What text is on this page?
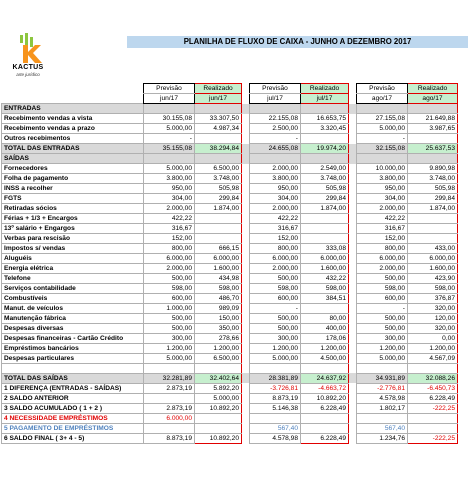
KACTUS
arte jurídico
PLANILHA DE FLUXO DE CAIXA - JUNHO A DEZEMBRO 2017
	Previsão	Realizado		Previsão	Realizado		Previsão	Realizado
	jun/17	jun/17		jul/17	jul/17		ago/17	ago/17
ENTRADAS								
Recebimento vendas a vista	30.155,08	33.307,50		22.155,08	16.653,75		27.155,08	21.649,88
Recebimento vendas a prazo	5.000,00	4.987,34		2.500,00	3.320,45		5.000,00	3.987,65
Outros recebimentos	-			-			-	
TOTAL DAS ENTRADAS	35.155,08	38.294,84		24.655,08	19.974,20		32.155,08	25.637,53
SAÍDAS								
Fornecedores	5.000,00	6.500,00		2.000,00	2.549,00		10.000,00	9.890,98
Folha de pagamento	3.800,00	3.748,00		3.800,00	3.748,00		3.800,00	3.748,00
INSS a recolher	950,00	505,98		950,00	505,98		950,00	505,98
FGTS	304,00	299,84		304,00	299,84		304,00	299,84
Retiradas sócios	2.000,00	1.874,00		2.000,00	1.874,00		2.000,00	1.874,00
Férias + 1/3 + Encargos	422,22			422,22			422,22	
13º salário + Engargos	316,67			316,67			316,67	
Verbas para rescisão	152,00			152,00			152,00	
Impostos s/ vendas	800,00	666,15		800,00	333,08		800,00	433,00
Aluguéis	6.000,00	6.000,00		6.000,00	6.000,00		6.000,00	6.000,00
Energia elétrica	2.000,00	1.600,00		2.000,00	1.600,00		2.000,00	1.600,00
Telefone	500,00	434,98		500,00	432,22		500,00	423,90
Serviços contabilidade	598,00	598,00		598,00	598,00		598,00	598,00
Combustíveis	600,00	486,70		600,00	384,51		600,00	376,87
Manut. de veículos	1.000,00	989,09		-			-	320,00
Manutenção fábrica	500,00	150,00		500,00	80,00		500,00	120,00
Despesas diversas	500,00	350,00		500,00	400,00		500,00	320,00
Despesas financeiras - Cartão Crédito	300,00	278,66		300,00	178,06		300,00	0,00
Empréstimos bancários	1.200,00	1.200,00		1.200,00	1.200,00		1.200,00	1.200,00
Despesas particulares	5.000,00	6.500,00		5.000,00	4.500,00		5.000,00	4.567,09

TOTAL DAS SAÍDAS	32.281,89	32.402,64		28.381,89	24.637,92		34.931,89	32.088,26
1 DIFERENÇA (ENTRADAS - SAÍDAS)	2.873,19	5.892,20		-3.726,81	-4.663,72		-2.776,81	-6.450,73
2 SALDO ANTERIOR		5.000,00		8.873,19	10.892,20		4.578,98	6.228,49
3 SALDO ACUMULADO ( 1 + 2 )	2.873,19	10.892,20		5.146,38	6.228,49		1.802,17	-222,25
4 NECESSIDADE EMPRÉSTIMOS	6.000,00							
5 PAGAMENTO DE EMPRÉSTIMOS				567,40			567,40	
6 SALDO FINAL ( 3+ 4 - 5)	8.873,19	10.892,20		4.578,98	6.228,49		1.234,76	-222,25
